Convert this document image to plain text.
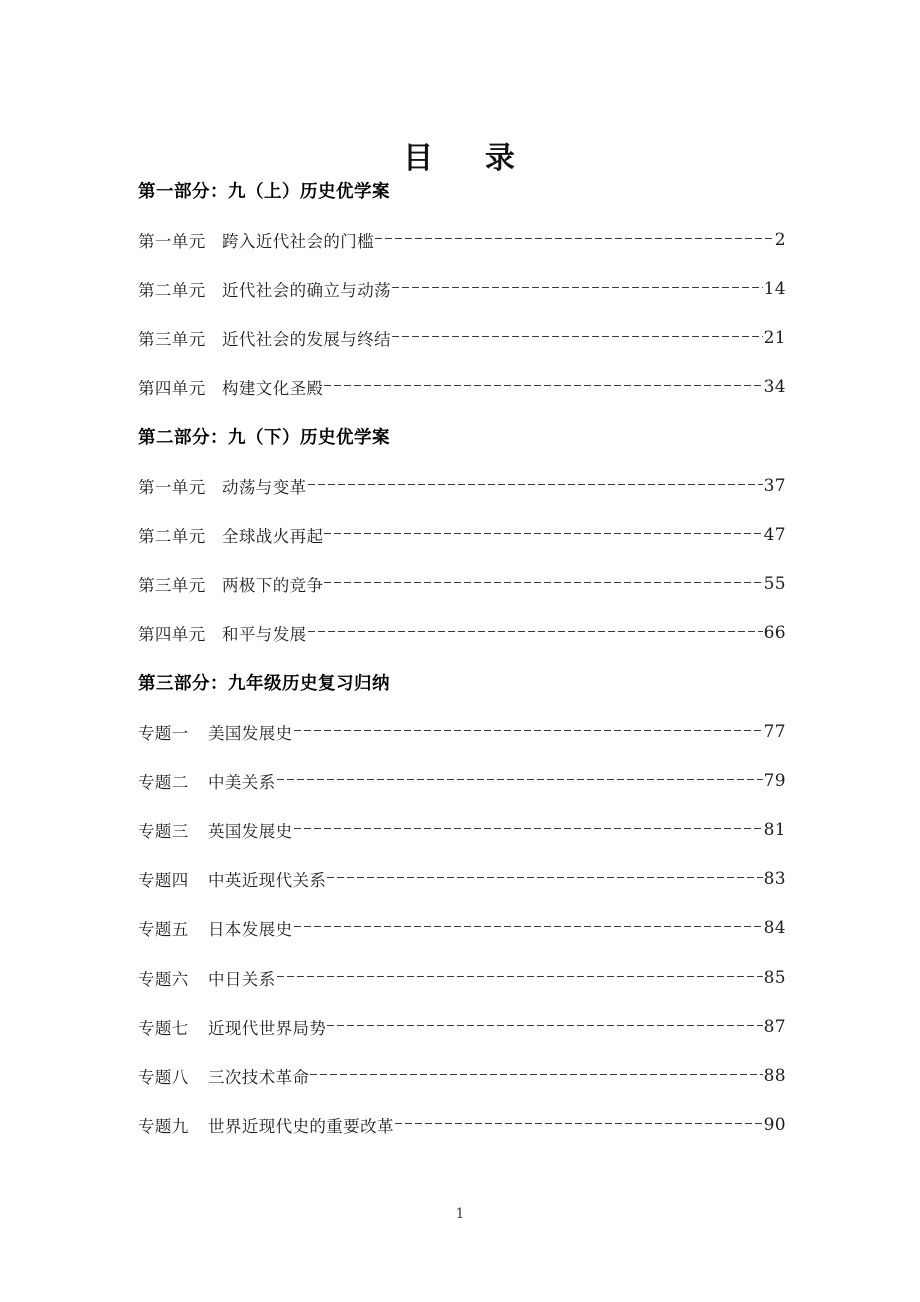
目    录
第一部分： 九（上）历史优学案
第一单元 跨入近代社会的门槛	2
第二单元 近代社会的确立与动荡	14
第三单元 近代社会的发展与终结	21
第四单元 构建文化圣殿	34
第二部分： 九（下）历史优学案
第一单元 动荡与变革	37
第二单元 全球战火再起	47
第三单元 两极下的竞争	55
第四单元 和平与发展	66
第三部分： 九年级历史复习归纳
专题一	美国发展史	77
专题二	中美关系	79
专题三	英国发展史	81
专题四	中英近现代关系	83
专题五	日本发展史	84
专题六	中日关系	85
专题七	近现代世界局势	87
专题八	三次技术革命	88
专题九	世界近现代史的重要改革	90
1
